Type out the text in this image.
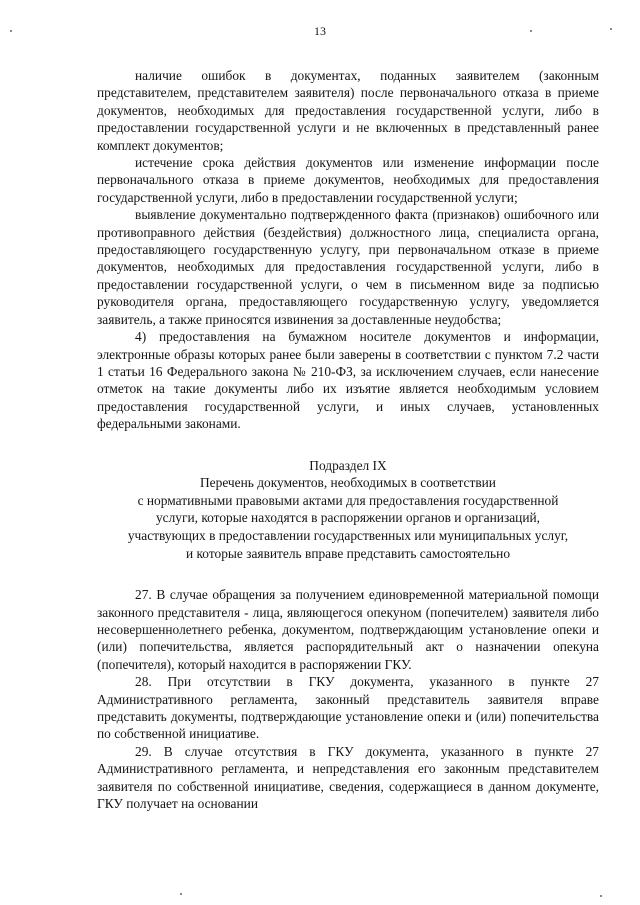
13

наличие ошибок в документах, поданных заявителем (законным представителем, представителем заявителя) после первоначального отказа в приеме документов, необходимых для предоставления государственной услуги, либо в предоставлении государственной услуги и не включенных в представленный ранее комплект документов;

истечение срока действия документов или изменение информации после первоначального отказа в приеме документов, необходимых для предоставления государственной услуги, либо в предоставлении государственной услуги;

выявление документально подтвержденного факта (признаков) ошибочного или противоправного действия (бездействия) должностного лица, специалиста органа, предоставляющего государственную услугу, при первоначальном отказе в приеме документов, необходимых для предоставления государственной услуги, либо в предоставлении государственной услуги, о чем в письменном виде за подписью руководителя органа, предоставляющего государственную услугу, уведомляется заявитель, а также приносятся извинения за доставленные неудобства;

4) предоставления на бумажном носителе документов и информации, электронные образы которых ранее были заверены в соответствии с пунктом 7.2 части 1 статьи 16 Федерального закона № 210-ФЗ, за исключением случаев, если нанесение отметок на такие документы либо их изъятие является необходимым условием предоставления государственной услуги, и иных случаев, установленных федеральными законами.

Подраздел IX

Перечень документов, необходимых в соответствии

с нормативными правовыми актами для предоставления государственной

услуги, которые находятся в распоряжении органов и организаций,

участвующих в предоставлении государственных или муниципальных услуг,

и которые заявитель вправе представить самостоятельно

27. В случае обращения за получением единовременной материальной помощи законного представителя - лица, являющегося опекуном (попечителем) заявителя либо несовершеннолетнего ребенка, документом, подтверждающим установление опеки и (или) попечительства, является распорядительный акт о назначении опекуна (попечителя), который находится в распоряжении ГКУ.

28. При отсутствии в ГКУ документа, указанного в пункте 27 Административного регламента, законный представитель заявителя вправе представить документы, подтверждающие установление опеки и (или) попечительства по собственной инициативе.

29. В случае отсутствия в ГКУ документа, указанного в пункте 27 Административного регламента, и непредставления его законным представителем заявителя по собственной инициативе, сведения, содержащиеся в данном документе, ГКУ получает на основании
